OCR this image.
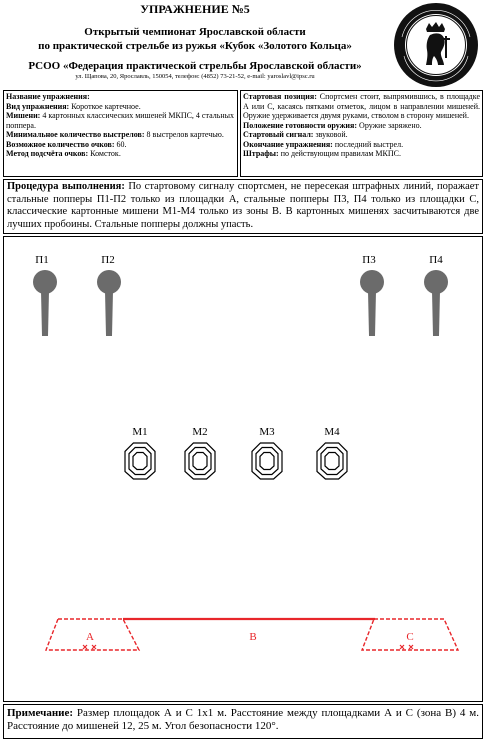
УПРАЖНЕНИЕ №5
Открытый чемпионат Ярославской области
по практической стрельбе из ружья «Кубок «Золотого Кольца»
РСОО «Федерация практической стрельбы Ярославской области»
ул. Щапова, 20, Ярославль, 150054, телефон: (4852) 73-21-52, e-mail: yaroslavl@ipsc.ru

Название упражнения:

Вид упражнения: Короткое картечное.

Мишени: 4 картонных классических мишеней МКПС, 4 стальных поппера.

Минимальное количество выстрелов: 8 выстрелов картечью.

Возможное количество очков: 60.

Метод подсчёта очков: Комсток.

Стартовая позиция: Спортсмен стоит, выпрямившись, в площадке А или С, касаясь пятками отметок, лицом в направлении мишеней. Оружие удерживается двумя руками, стволом в сторону мишеней.

Положение готовности оружия: Оружие заряжено.

Стартовый сигнал: звуковой.

Окончание упражнения: последний выстрел.

Штрафы: по действующим правилам МКПС.

Процедура выполнения: По стартовому сигналу спортсмен, не пересекая штрафных линий, поражает стальные попперы П1-П2 только из площадки А, стальные попперы П3, П4 только из площадки С, классические картонные мишени М1-М4 только из зоны В. В картонных мишенях засчитываются две лучших пробоины. Стальные попперы должны упасть.
П1	П2	П3	П4
М1	М2	М3	М4
A	B	C
Примечание: Размер площадок А и С 1х1 м. Расстояние между площадками А и С (зона В) 4 м. Расстояние до мишеней 12, 25 м. Угол безопасности 120°.
